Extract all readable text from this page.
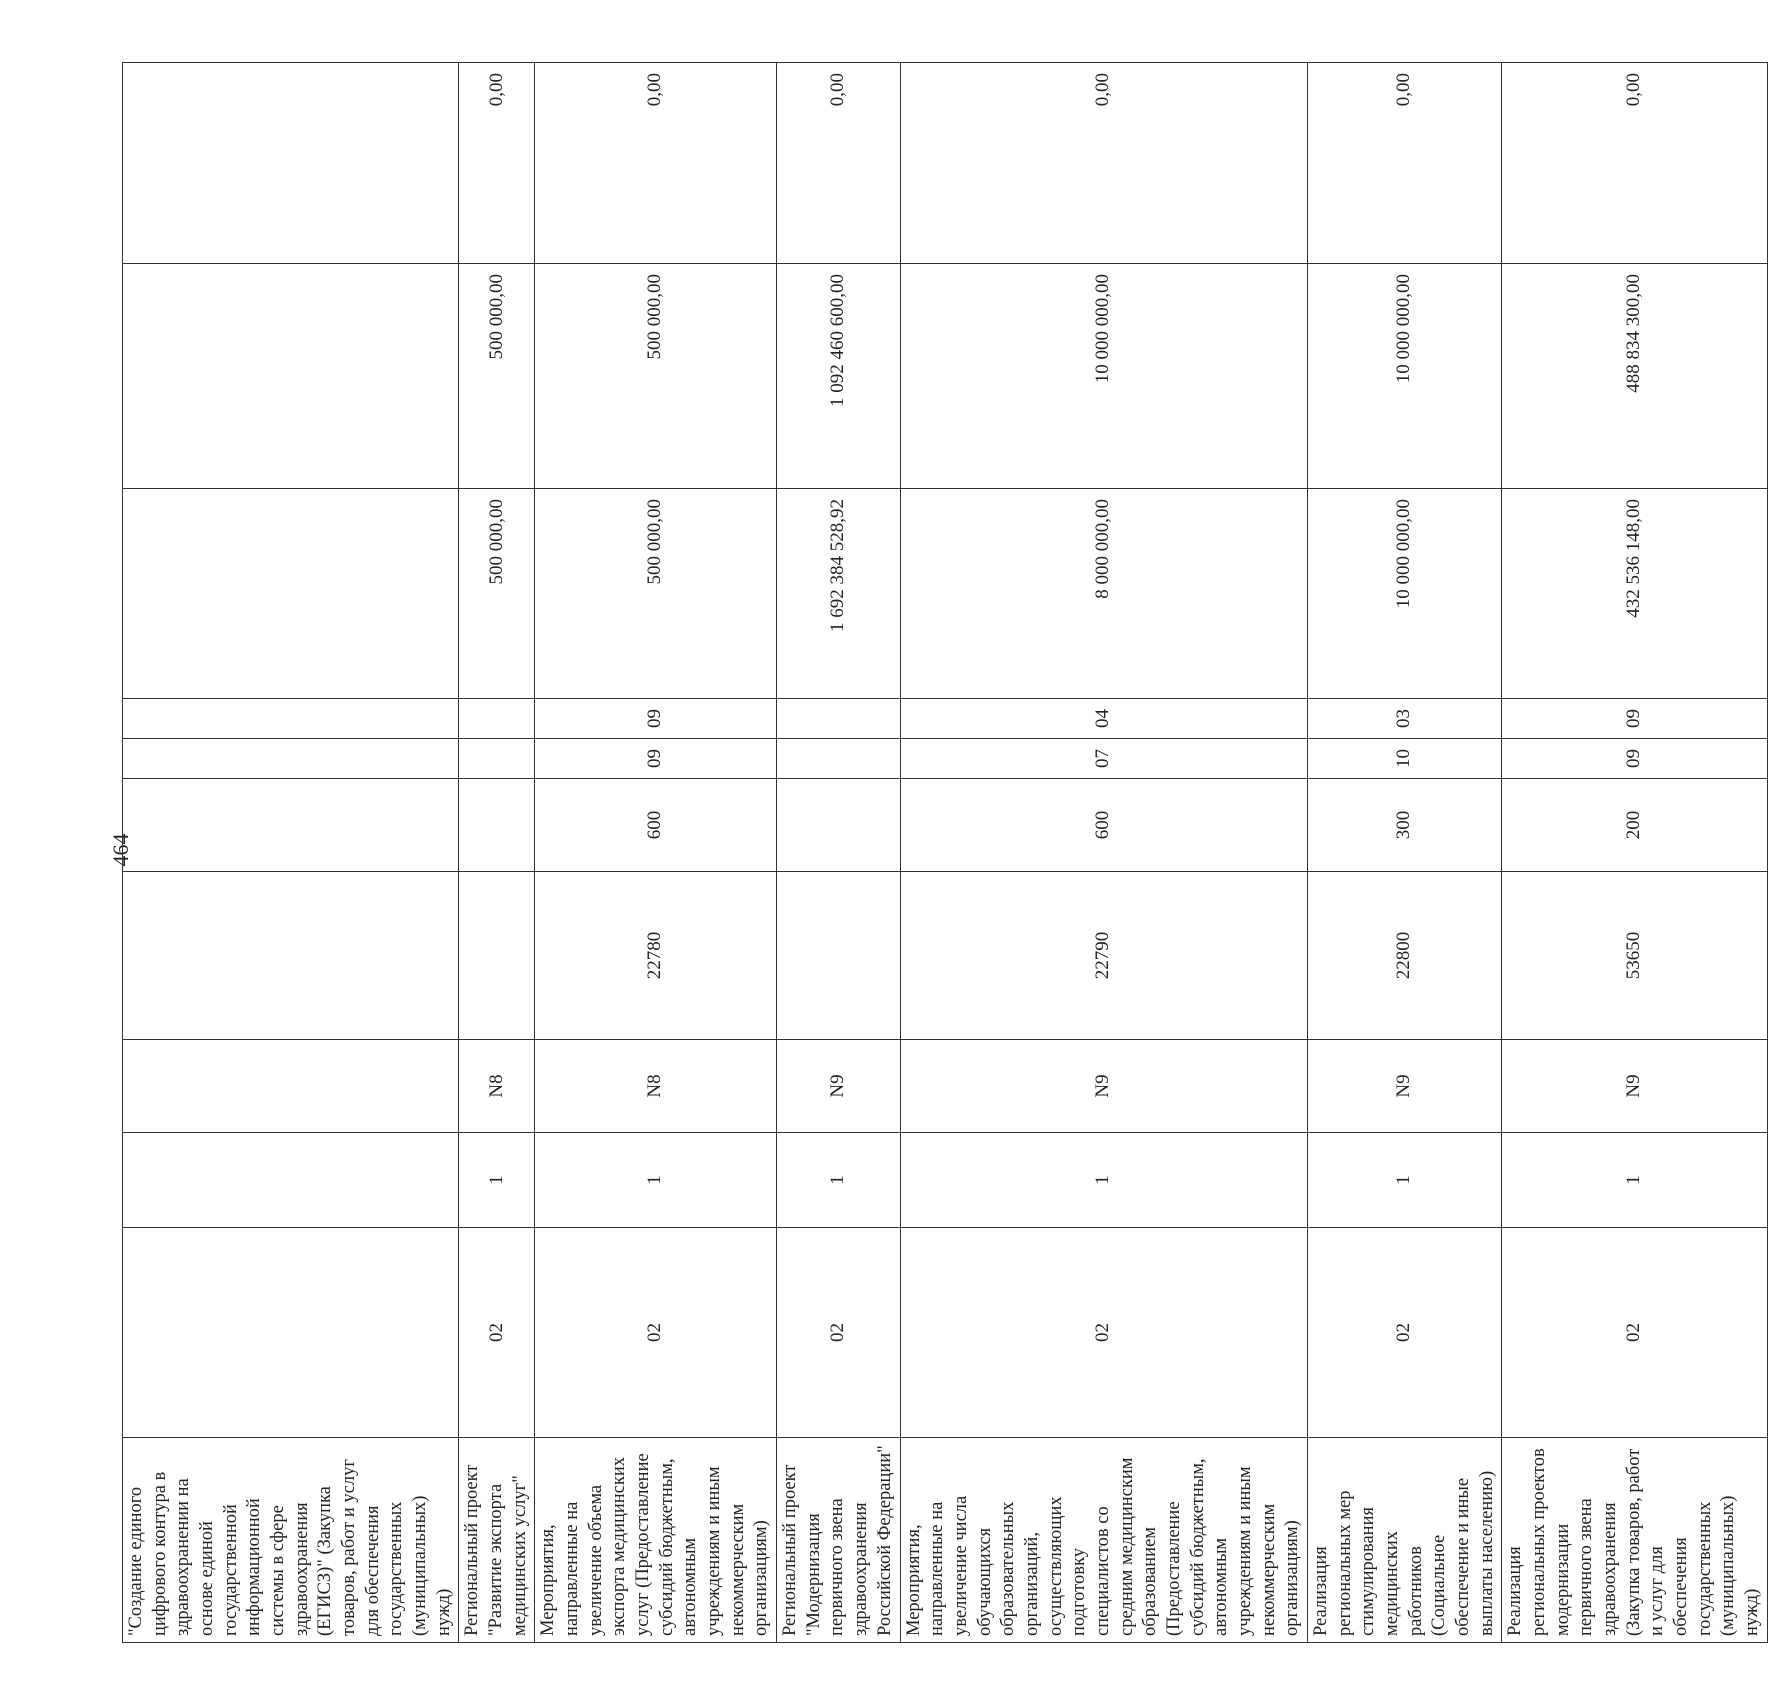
464
"Создание единого цифрового контура в здравоохранении на основе единой государственной информационной системы в сфере здравоохранения (ЕГИСЗ)" (Закупка товаров, работ и услуг для обеспечения государственных (муниципальных) нужд)										
Региональный проект "Развитие экспорта медицинских услуг"	02	1	N8					500 000,00	500 000,00	0,00
Мероприятия, направленные на увеличение объема экспорта медицинских услуг (Предоставление субсидий бюджетным, автономным учреждениям и иным некоммерческим организациям)	02	1	N8	22780	600	09	09	500 000,00	500 000,00	0,00
Региональный проект "Модернизация первичного звена здравоохранения Российской Федерации"	02	1	N9					1 692 384 528,92	1 092 460 600,00	0,00
Мероприятия, направленные на увеличение числа обучающихся образовательных организаций, осуществляющих подготовку специалистов со средним медицинским образованием (Предоставление субсидий бюджетным, автономным учреждениям и иным некоммерческим организациям)	02	1	N9	22790	600	07	04	8 000 000,00	10 000 000,00	0,00
Реализация региональных мер стимулирования медицинских работников (Социальное обеспечение и иные выплаты населению)	02	1	N9	22800	300	10	03	10 000 000,00	10 000 000,00	0,00
Реализация региональных проектов модернизации первичного звена здравоохранения (Закупка товаров, работ и услуг для обеспечения государственных (муниципальных) нужд)	02	1	N9	53650	200	09	09	432 536 148,00	488 834 300,00	0,00
